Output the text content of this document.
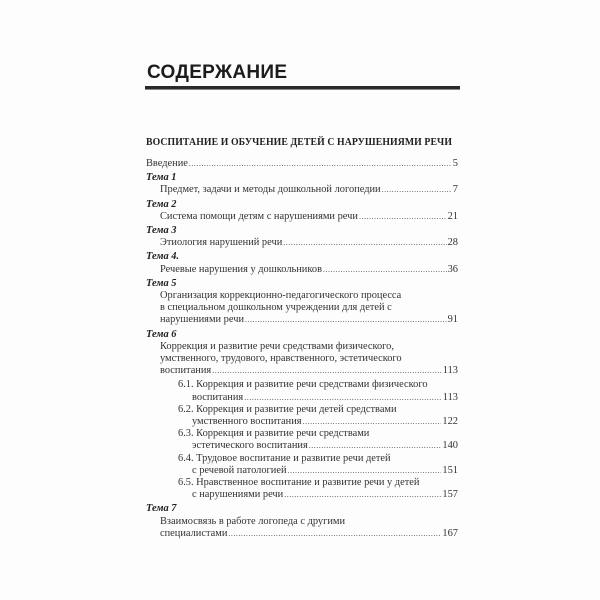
СОДЕРЖАНИЕ
ВОСПИТАНИЕ И ОБУЧЕНИЕ ДЕТЕЙ С НАРУШЕНИЯМИ РЕЧИ
Введение .....	5
Тема 1
Предмет, задачи и методы дошкольной логопедии .....	7
Тема 2
Система помощи детям с нарушениями речи .....	21
Тема 3
Этиология нарушений речи .....	28
Тема 4.
Речевые нарушения у дошкольников .....	36
Тема 5
Организация коррекционно-педагогического процесса
в специальном дошкольном учреждении для детей с
нарушениями речи .....	91
Тема 6
Коррекция и развитие речи средствами физического,
умственного, трудового, нравственного, эстетического
воспитания .....	113
6.1. Коррекция и развитие речи средствами физического
воспитания .....	113
6.2. Коррекция и развитие речи детей средствами
умственного воспитания .....	122
6.3. Коррекция и развитие речи средствами
эстетического воспитания .....	140
6.4. Трудовое воспитание и развитие речи детей
с речевой патологией .....	151
6.5. Нравственное воспитание и развитие речи у детей
с нарушениями речи .....	157
Тема 7
Взаимосвязь в работе логопеда с другими
специалистами .....	167
